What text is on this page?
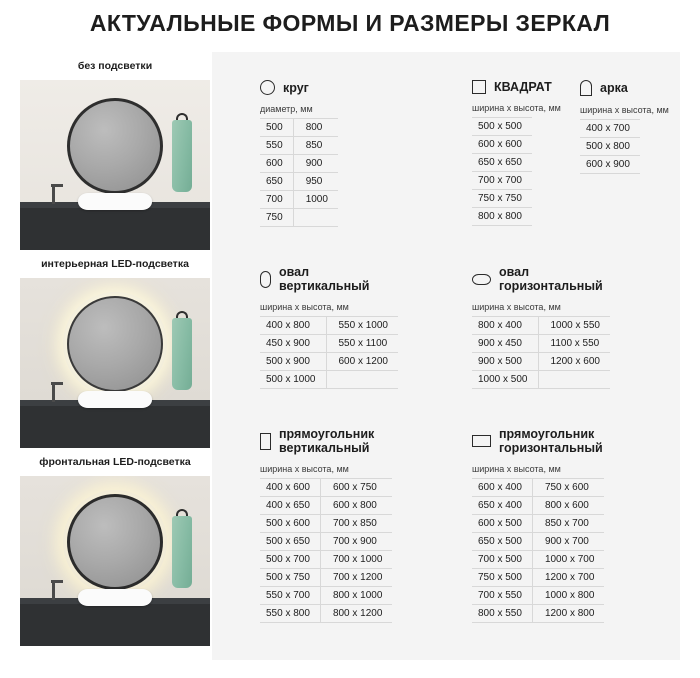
АКТУАЛЬНЫЕ ФОРМЫ И РАЗМЕРЫ ЗЕРКАЛ
без подсветки
интерьерная LED-подсветка
фронтальная LED-подсветка
круг
диаметр, мм
500	800
550	850
600	900
650	950
700	1000
750	
КВАДРАТ
ширина х высота, мм
500 x 500
600 x 600
650 x 650
700 x 700
750 x 750
800 x 800
арка
ширина х высота, мм
400 x 700
500 x 800
600 x 900
овал
вертикальный
ширина х высота, мм
400 x 800	550 x 1000
450 x 900	550 x 1100
500 x 900	600 x 1200
500 x 1000	
овал
горизонтальный
ширина х высота, мм
800 x 400	1000 x 550
900 x 450	1100 x 550
900 x 500	1200 x 600
1000 x 500	
прямоугольник
вертикальный
ширина х высота, мм
400 x 600	600 x 750
400 x 650	600 x 800
500 x 600	700 x 850
500 x 650	700 x 900
500 x 700	700 x 1000
500 x 750	700 x 1200
550 x 700	800 x 1000
550 x 800	800 x 1200
прямоугольник
горизонтальный
ширина х высота, мм
600 x 400	750 x 600
650 x 400	800 x 600
600 x 500	850 x 700
650 x 500	900 x 700
700 x 500	1000 x 700
750 x 500	1200 x 700
700 x 550	1000 x 800
800 x 550	1200 x 800
